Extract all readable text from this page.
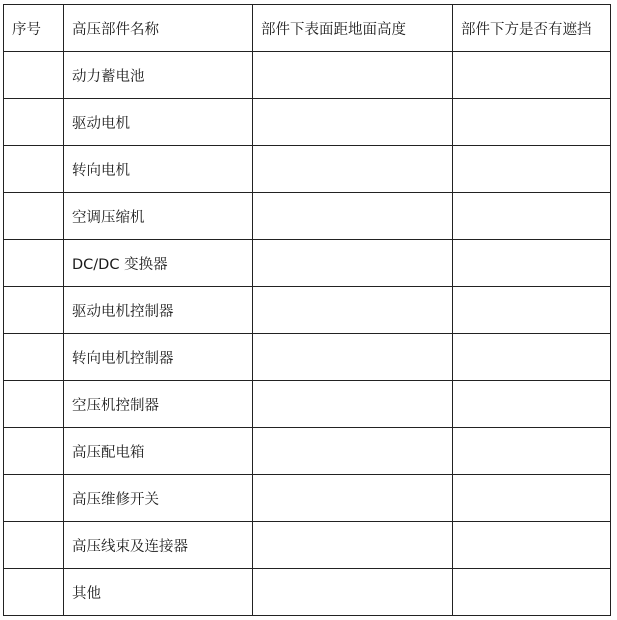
序号	高压部件名称	部件下表面距地面高度	部件下方是否有遮挡
	动力蓄电池		
	驱动电机		
	转向电机		
	空调压缩机		
	DC/DC 变换器		
	驱动电机控制器		
	转向电机控制器		
	空压机控制器		
	高压配电箱		
	高压维修开关		
	高压线束及连接器		
	其他		
